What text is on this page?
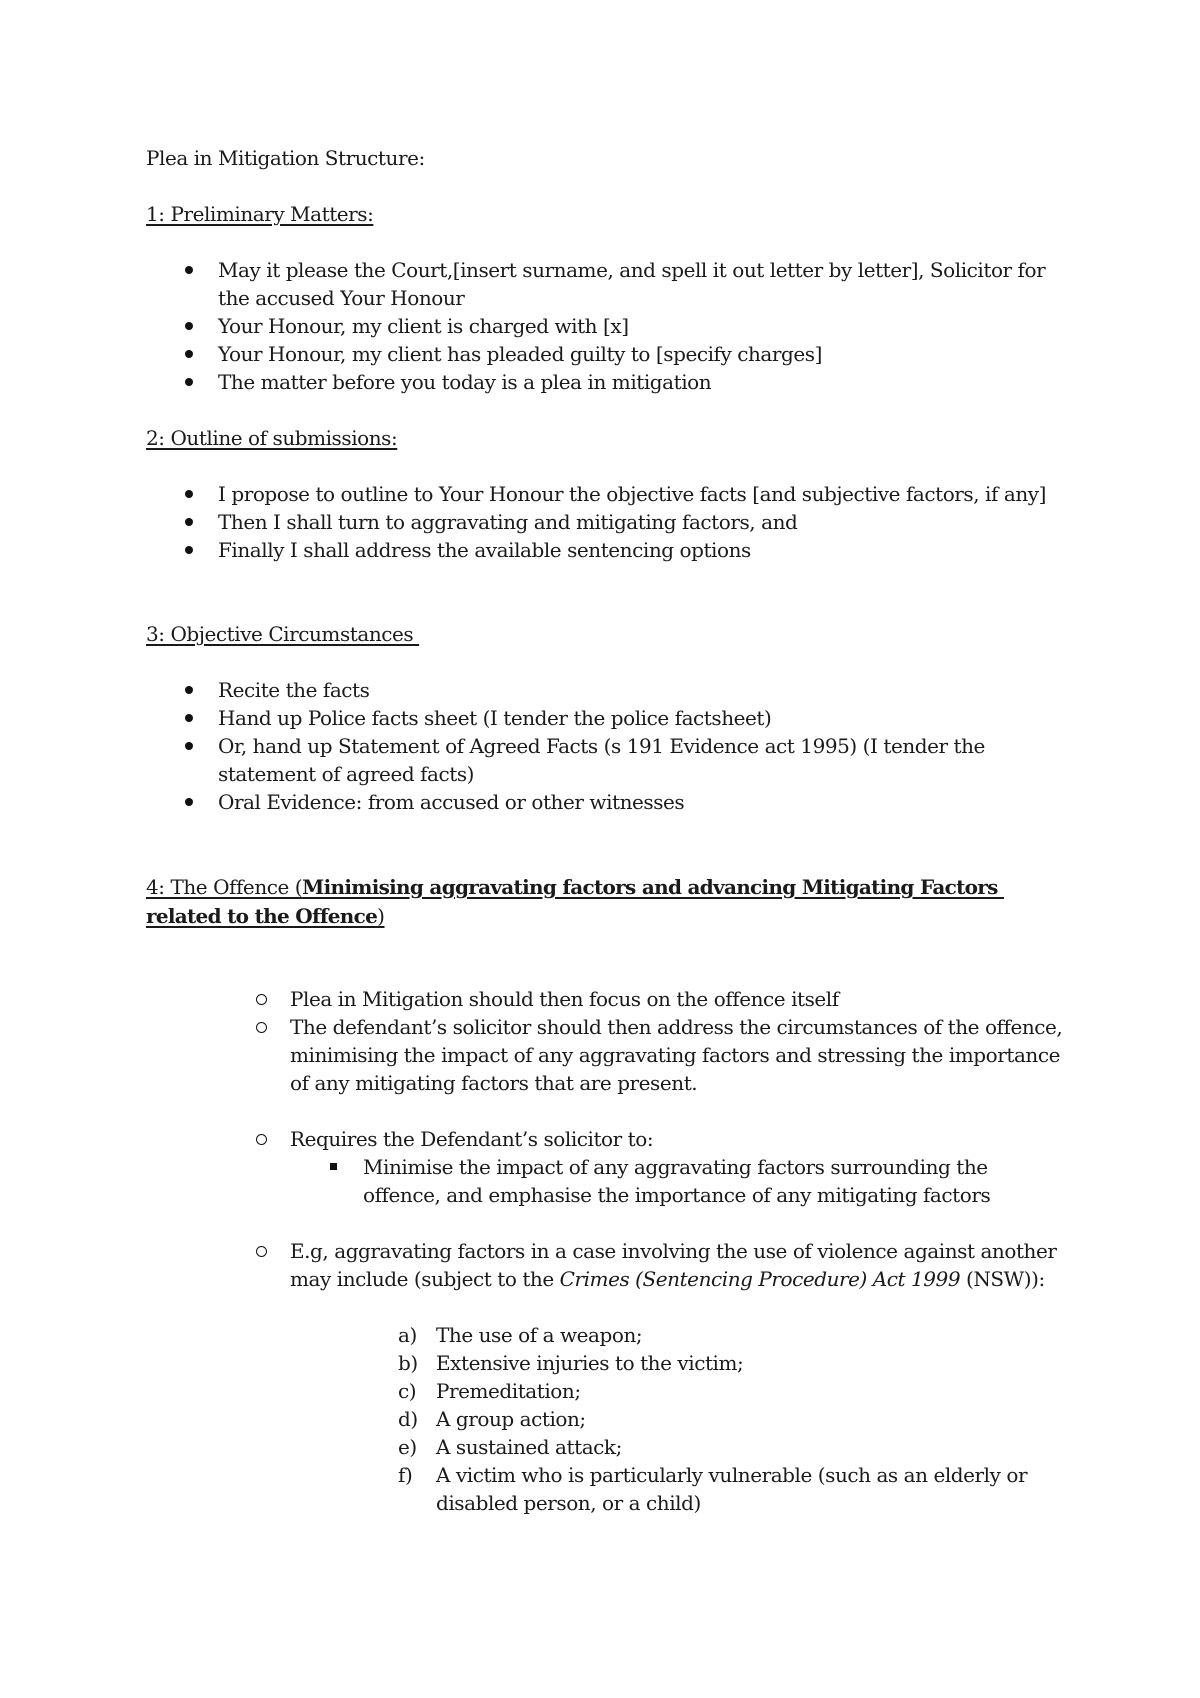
Plea in Mitigation Structure:
1: Preliminary Matters:
May it please the Court,[insert surname, and spell it out letter by letter], Solicitor for
the accused Your Honour
Your Honour, my client is charged with [x]
Your Honour, my client has pleaded guilty to [specify charges]
The matter before you today is a plea in mitigation
2: Outline of submissions:
I propose to outline to Your Honour the objective facts [and subjective factors, if any]
Then I shall turn to aggravating and mitigating factors, and
Finally I shall address the available sentencing options
3: Objective Circumstances
Recite the facts
Hand up Police facts sheet (I tender the police factsheet)
Or, hand up Statement of Agreed Facts (s 191 Evidence act 1995) (I tender the
statement of agreed facts)
Oral Evidence: from accused or other witnesses
4: The Offence (Minimising aggravating factors and advancing Mitigating Factors
related to the Offence)
Plea in Mitigation should then focus on the offence itself
The defendant’s solicitor should then address the circumstances of the offence,
minimising the impact of any aggravating factors and stressing the importance
of any mitigating factors that are present.
Requires the Defendant’s solicitor to:
Minimise the impact of any aggravating factors surrounding the
offence, and emphasise the importance of any mitigating factors
E.g, aggravating factors in a case involving the use of violence against another
may include (subject to the Crimes (Sentencing Procedure) Act 1999 (NSW)):
a) The use of a weapon;
b) Extensive injuries to the victim;
c) Premeditation;
d) A group action;
e) A sustained attack;
f) A victim who is particularly vulnerable (such as an elderly or
disabled person, or a child)
